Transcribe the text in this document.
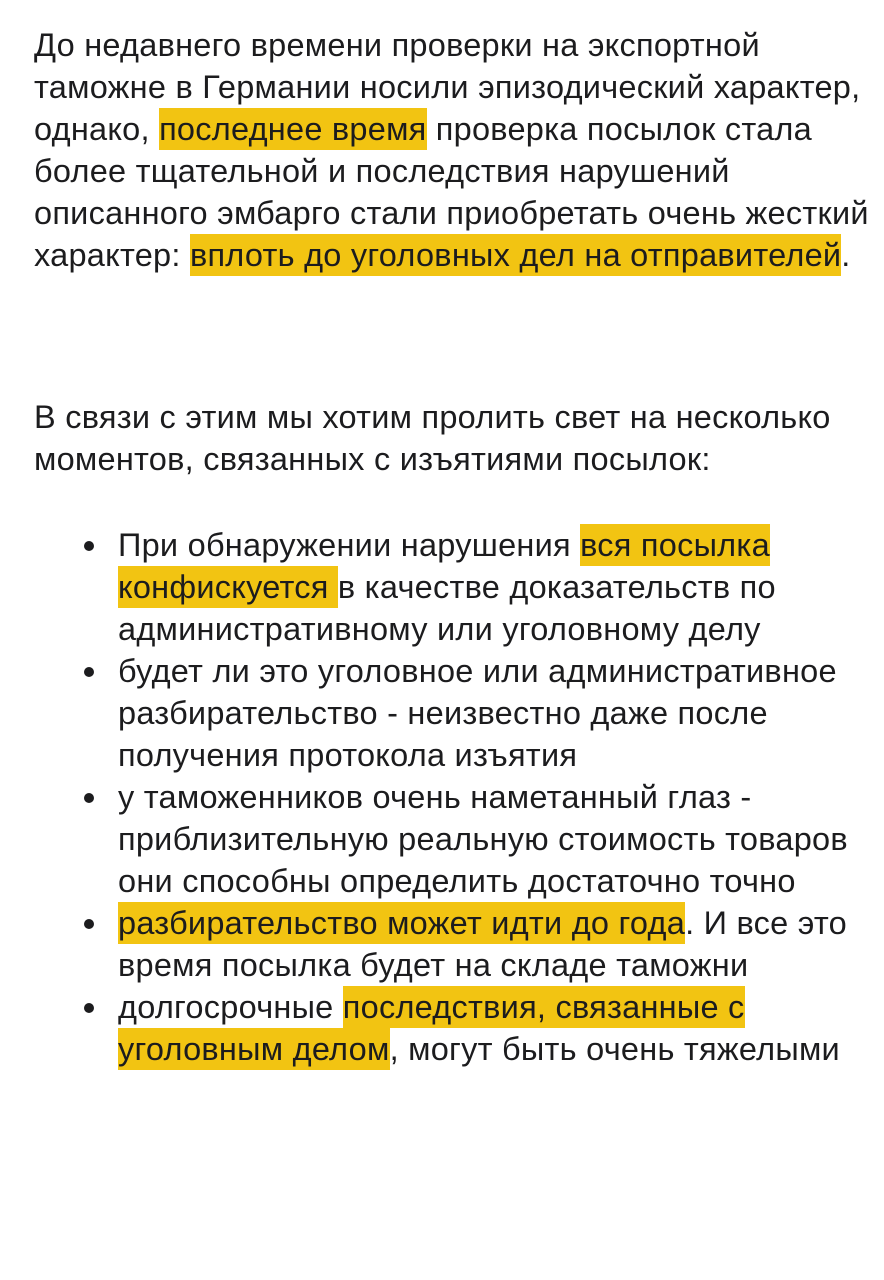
До недавнего времени проверки на экспортной таможне в Германии носили эпизодический характер, однако, последнее время проверка посылок стала более тщательной и последствия нарушений описанного эмбарго стали приобретать очень жесткий характер: вплоть до уголовных дел на отправителей.

В связи с этим мы хотим пролить свет на несколько моментов, связанных с изъятиями посылок:

При обнаружении нарушения вся посылка конфискуется в качестве доказательств по административному или уголовному делу
будет ли это уголовное или административное разбирательство - неизвестно даже после получения протокола изъятия
у таможенников очень наметанный глаз - приблизительную реальную стоимость товаров они способны определить достаточно точно
разбирательство может идти до года. И все это время посылка будет на складе таможни
долгосрочные последствия, связанные с уголовным делом, могут быть очень тяжелыми
